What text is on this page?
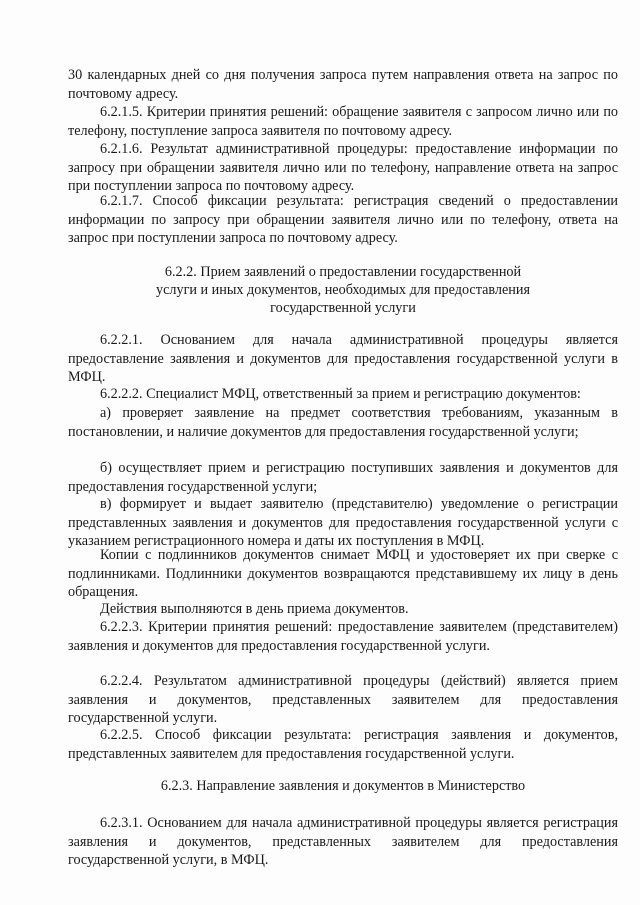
30 календарных дней со дня получения запроса путем направления ответа на запрос по почтовому адресу.

6.2.1.5. Критерии принятия решений: обращение заявителя с запросом лично или по телефону, поступление запроса заявителя по почтовому адресу.

6.2.1.6. Результат административной процедуры: предоставление информации по запросу при обращении заявителя лично или по телефону, направление ответа на запрос при поступлении запроса по почтовому адресу.

6.2.1.7. Способ фиксации результата: регистрация сведений о предоставлении информации по запросу при обращении заявителя лично или по телефону, ответа на запрос при поступлении запроса по почтовому адресу.

6.2.2. Прием заявлений о предоставлении государственной

услуги и иных документов, необходимых для предоставления

государственной услуги

6.2.2.1. Основанием для начала административной процедуры является предоставление заявления и документов для предоставления государственной услуги в МФЦ.

6.2.2.2. Специалист МФЦ, ответственный за прием и регистрацию документов:

а) проверяет заявление на предмет соответствия требованиям, указанным в постановлении, и наличие документов для предоставления государственной услуги;

б) осуществляет прием и регистрацию поступивших заявления и документов для предоставления государственной услуги;

в) формирует и выдает заявителю (представителю) уведомление о регистрации представленных заявления и документов для предоставления государственной услуги с указанием регистрационного номера и даты их поступления в МФЦ.

Копии с подлинников документов снимает МФЦ и удостоверяет их при сверке с подлинниками. Подлинники документов возвращаются представившему их лицу в день обращения.

Действия выполняются в день приема документов.

6.2.2.3. Критерии принятия решений: предоставление заявителем (представителем) заявления и документов для предоставления государственной услуги.

6.2.2.4. Результатом административной процедуры (действий) является прием заявления и документов, представленных заявителем для предоставления государственной услуги.

6.2.2.5. Способ фиксации результата: регистрация заявления и документов, представленных заявителем для предоставления государственной услуги.

6.2.3. Направление заявления и документов в Министерство

6.2.3.1. Основанием для начала административной процедуры является регистрация заявления и документов, представленных заявителем для предоставления государственной услуги, в МФЦ.
